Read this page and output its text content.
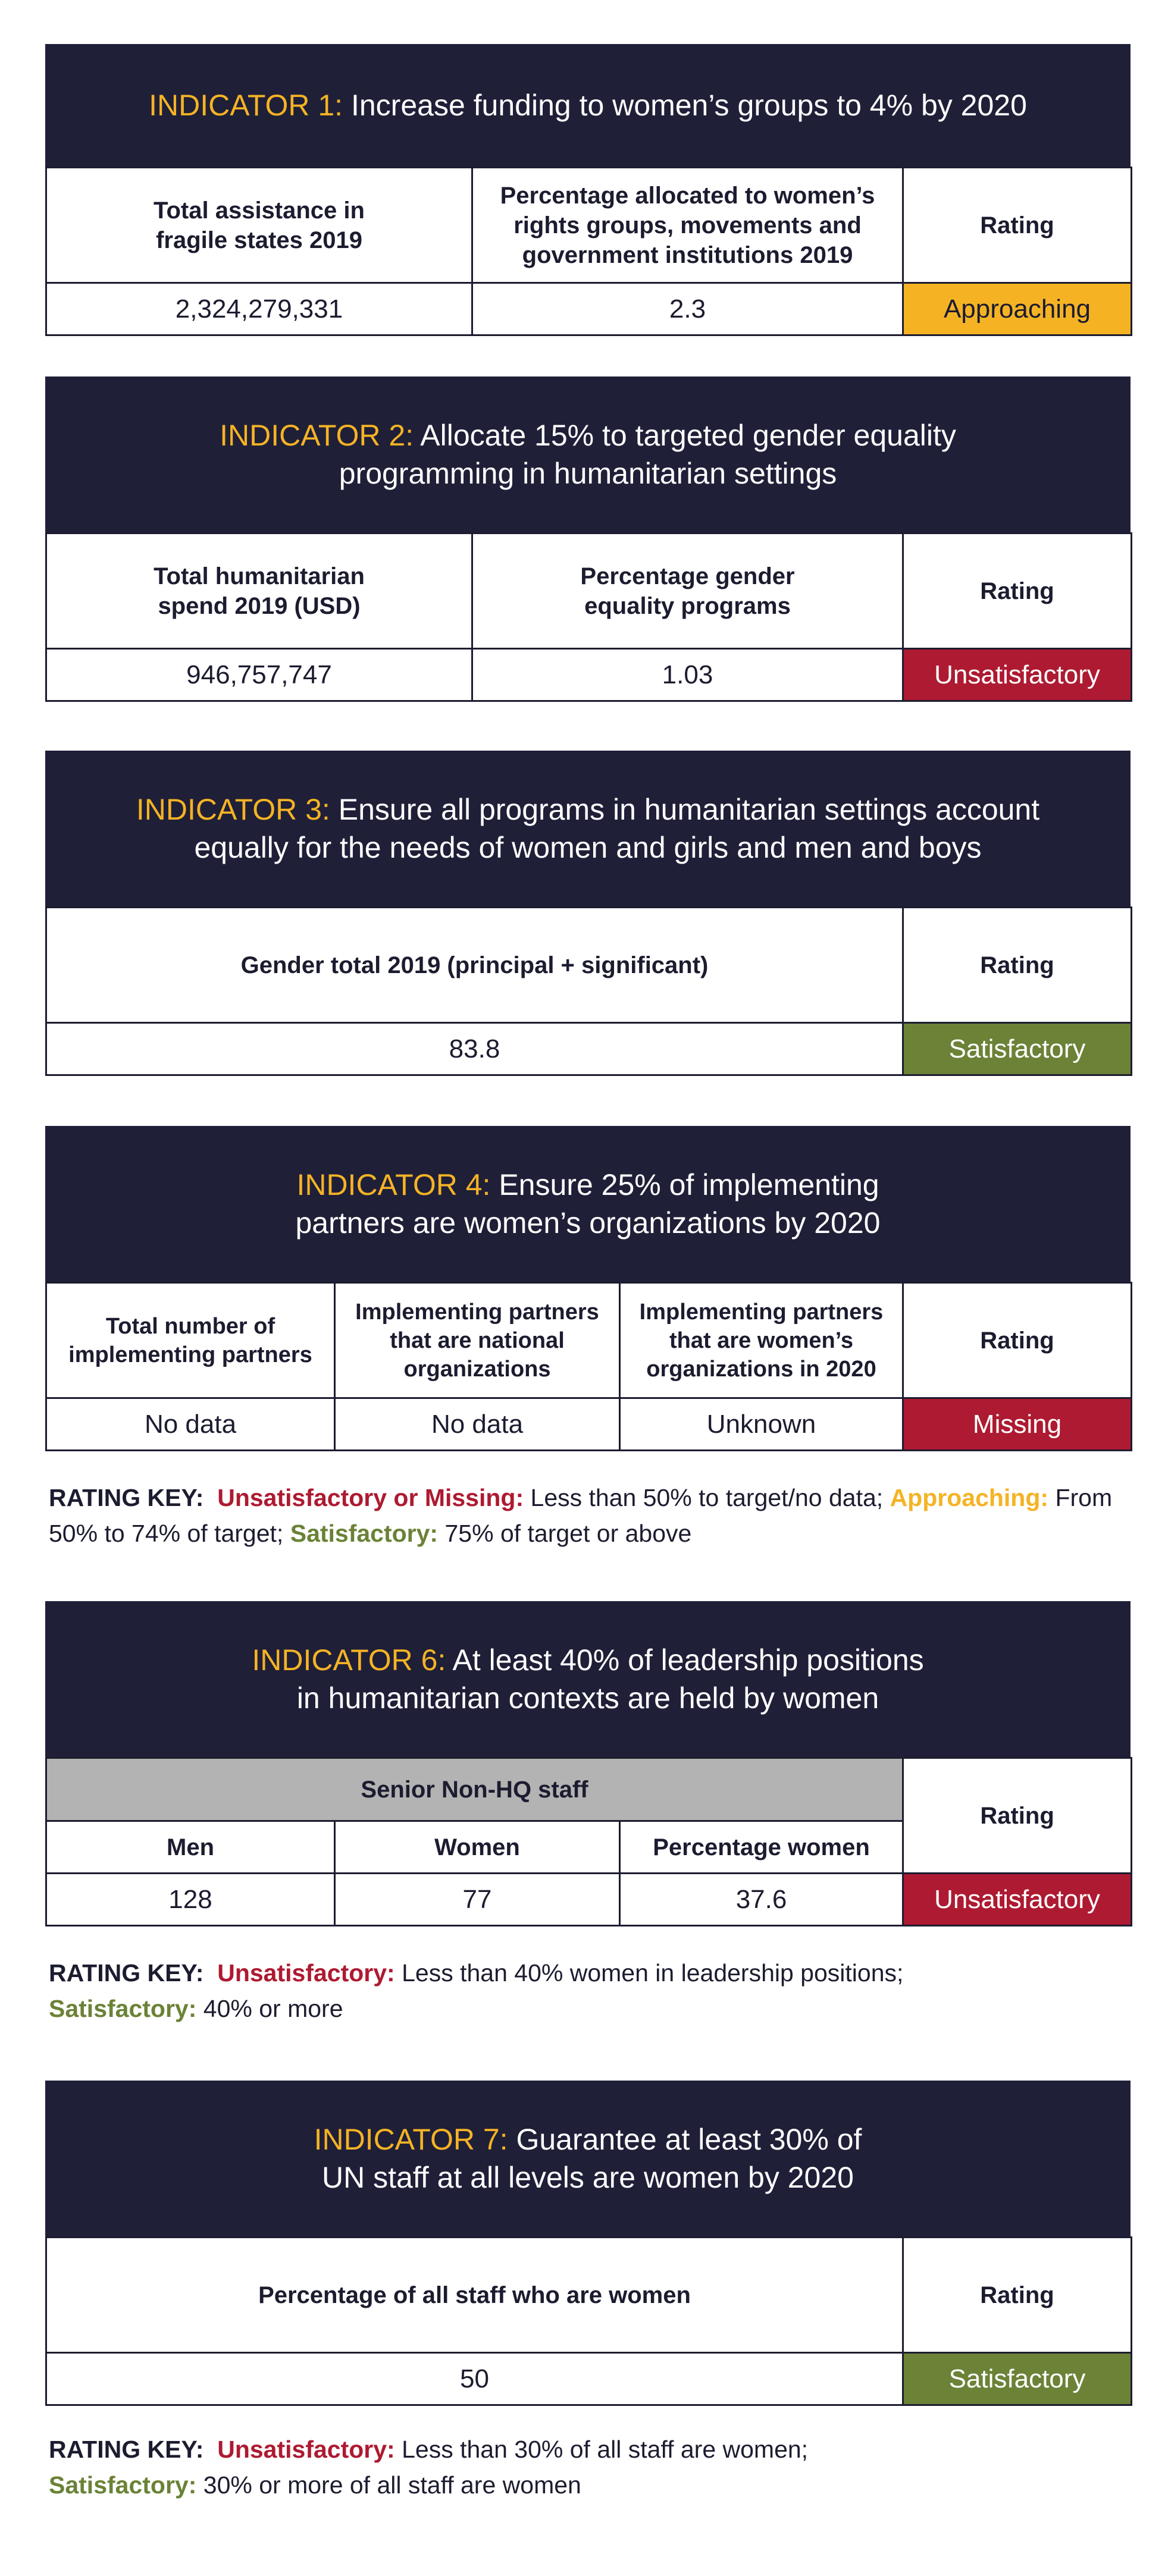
INDICATOR 1: Increase funding to women’s groups to 4% by 2020
Total assistance in fragile states 2019	Percentage allocated to women’s rights groups, movements and government institutions 2019	Rating
2,324,279,331	2.3	Approaching
INDICATOR 2: Allocate 15% to targeted gender equality
programming in humanitarian settings
Total humanitarian spend 2019 (USD)	Percentage gender equality programs	Rating
946,757,747	1.03	Unsatisfactory
INDICATOR 3: Ensure all programs in humanitarian settings account
equally for the needs of women and girls and men and boys
Gender total 2019 (principal + significant)	Rating
83.8	Satisfactory
INDICATOR 4: Ensure 25% of implementing
partners are women’s organizations by 2020
Total number of implementing partners	Implementing partners that are national organizations	Implementing partners that are women’s organizations in 2020	Rating
No data	No data	Unknown	Missing
RATING KEY: Unsatisfactory or Missing: Less than 50% to target/no data; Approaching: From 50% to 74% of target; Satisfactory: 75% of target or above
INDICATOR 6: At least 40% of leadership positions
in humanitarian contexts are held by women
Senior Non-HQ staff			Rating
Men	Women	Percentage women	
128	77	37.6	Unsatisfactory
RATING KEY: Unsatisfactory: Less than 40% women in leadership positions;
Satisfactory: 40% or more
INDICATOR 7: Guarantee at least 30% of
UN staff at all levels are women by 2020
Percentage of all staff who are women	Rating
50	Satisfactory
RATING KEY: Unsatisfactory: Less than 30% of all staff are women;
Satisfactory: 30% or more of all staff are women
